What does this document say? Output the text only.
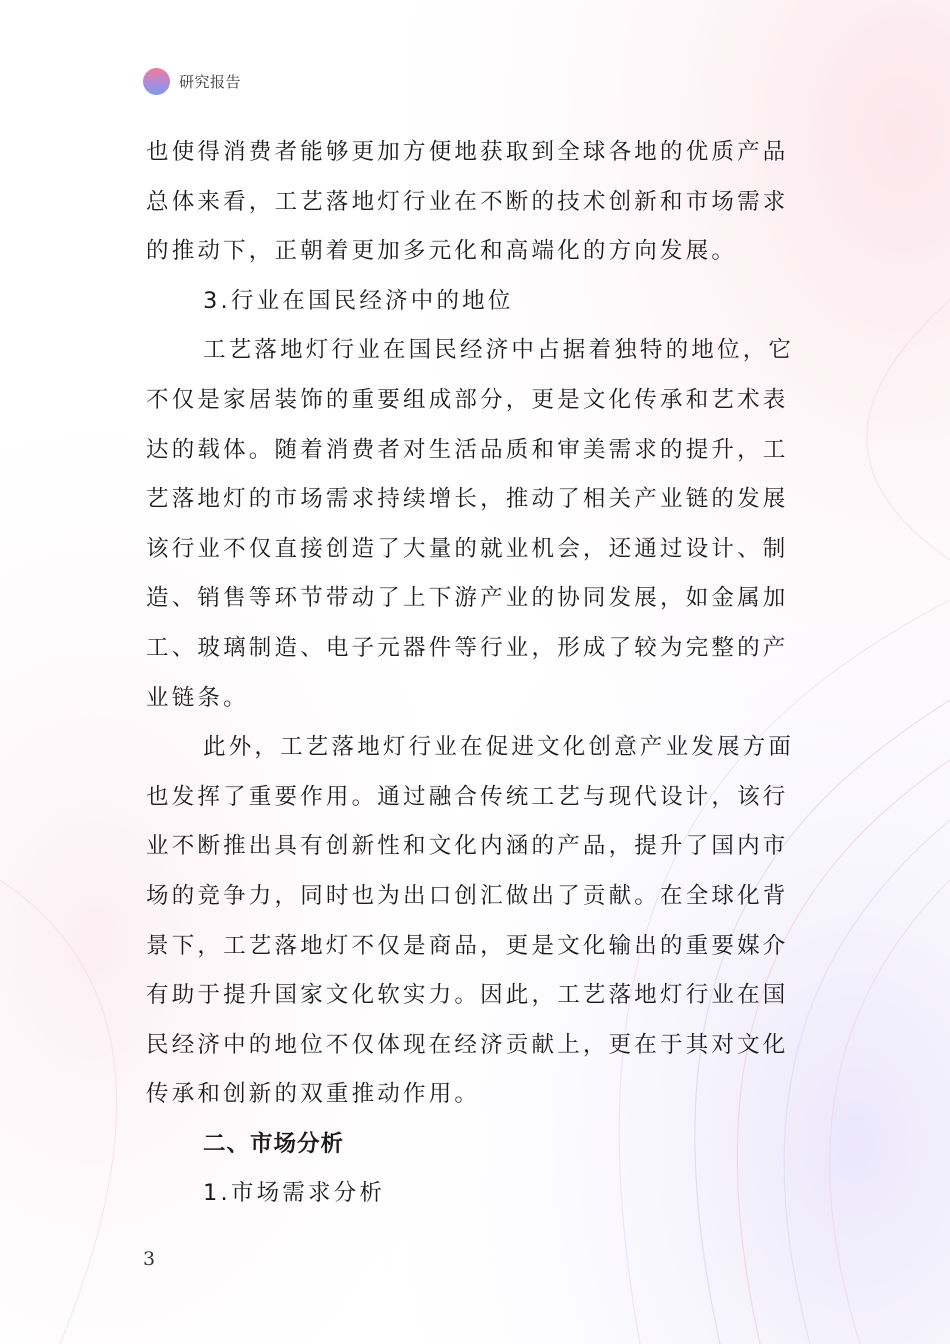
研究报告
也使得消费者能够更加方便地获取到全球各地的优质产品
总体来看，工艺落地灯行业在不断的技术创新和市场需求
的推动下，正朝着更加多元化和高端化的方向发展。
3.行业在国民经济中的地位
工艺落地灯行业在国民经济中占据着独特的地位，它
不仅是家居装饰的重要组成部分，更是文化传承和艺术表
达的载体。随着消费者对生活品质和审美需求的提升，工
艺落地灯的市场需求持续增长，推动了相关产业链的发展
该行业不仅直接创造了大量的就业机会，还通过设计、制
造、销售等环节带动了上下游产业的协同发展，如金属加
工、玻璃制造、电子元器件等行业，形成了较为完整的产
业链条。
此外，工艺落地灯行业在促进文化创意产业发展方面
也发挥了重要作用。通过融合传统工艺与现代设计，该行
业不断推出具有创新性和文化内涵的产品，提升了国内市
场的竞争力，同时也为出口创汇做出了贡献。在全球化背
景下，工艺落地灯不仅是商品，更是文化输出的重要媒介
有助于提升国家文化软实力。因此，工艺落地灯行业在国
民经济中的地位不仅体现在经济贡献上，更在于其对文化
传承和创新的双重推动作用。
二、市场分析
1.市场需求分析
3
